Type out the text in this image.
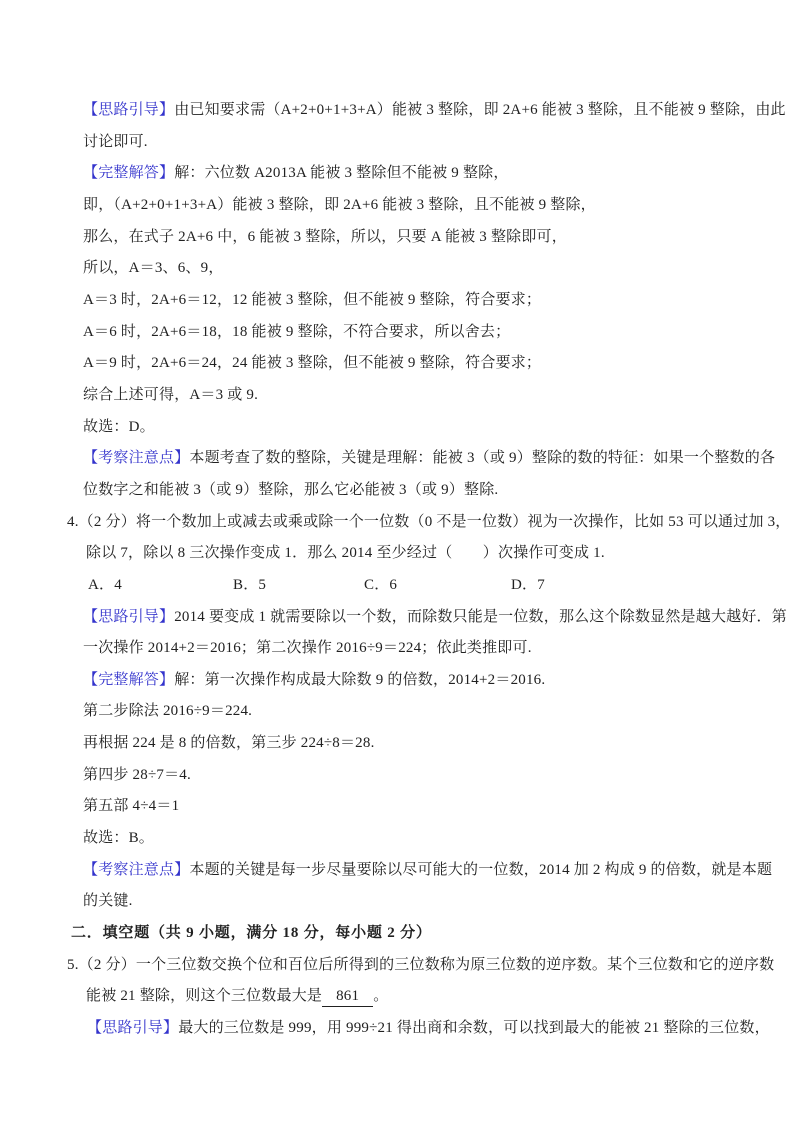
【思路引导】由已知要求需（A+2+0+1+3+A）能被 3 整除，即 2A+6 能被 3 整除，且不能被 9 整除，由此
讨论即可.
【完整解答】解：六位数 A2013A 能被 3 整除但不能被 9 整除，
即，（A+2+0+1+3+A）能被 3 整除，即 2A+6 能被 3 整除，且不能被 9 整除，
那么，在式子 2A+6 中，6 能被 3 整除，所以，只要 A 能被 3 整除即可，
所以，A＝3、6、9，
A＝3 时，2A+6＝12，12 能被 3 整除，但不能被 9 整除，符合要求；
A＝6 时，2A+6＝18，18 能被 9 整除，不符合要求，所以舍去；
A＝9 时，2A+6＝24，24 能被 3 整除，但不能被 9 整除，符合要求；
综合上述可得，A＝3 或 9.
故选：D。
【考察注意点】本题考查了数的整除，关键是理解：能被 3（或 9）整除的数的特征：如果一个整数的各
位数字之和能被 3（或 9）整除，那么它必能被 3（或 9）整除.
4.（2 分）将一个数加上或减去或乘或除一个一位数（0 不是一位数）视为一次操作，比如 53 可以通过加 3，
除以 7，除以 8 三次操作变成 1．那么 2014 至少经过（　　）次操作可变成 1.
A．4	B．5	C．6	D．7
【思路引导】2014 要变成 1 就需要除以一个数，而除数只能是一位数，那么这个除数显然是越大越好．第
一次操作 2014+2＝2016；第二次操作 2016÷9＝224；依此类推即可.
【完整解答】解：第一次操作构成最大除数 9 的倍数，2014+2＝2016.
第二步除法 2016÷9＝224.
再根据 224 是 8 的倍数，第三步 224÷8＝28.
第四步 28÷7＝4.
第五部 4÷4＝1
故选：B。
【考察注意点】本题的关键是每一步尽量要除以尽可能大的一位数，2014 加 2 构成 9 的倍数，就是本题
的关键.
二．填空题（共 9 小题，满分 18 分，每小题 2 分）
5.（2 分）一个三位数交换个位和百位后所得到的三位数称为原三位数的逆序数。某个三位数和它的逆序数
能被 21 整除，则这个三位数最大是 861 。
【思路引导】最大的三位数是 999，用 999÷21 得出商和余数，可以找到最大的能被 21 整除的三位数，
